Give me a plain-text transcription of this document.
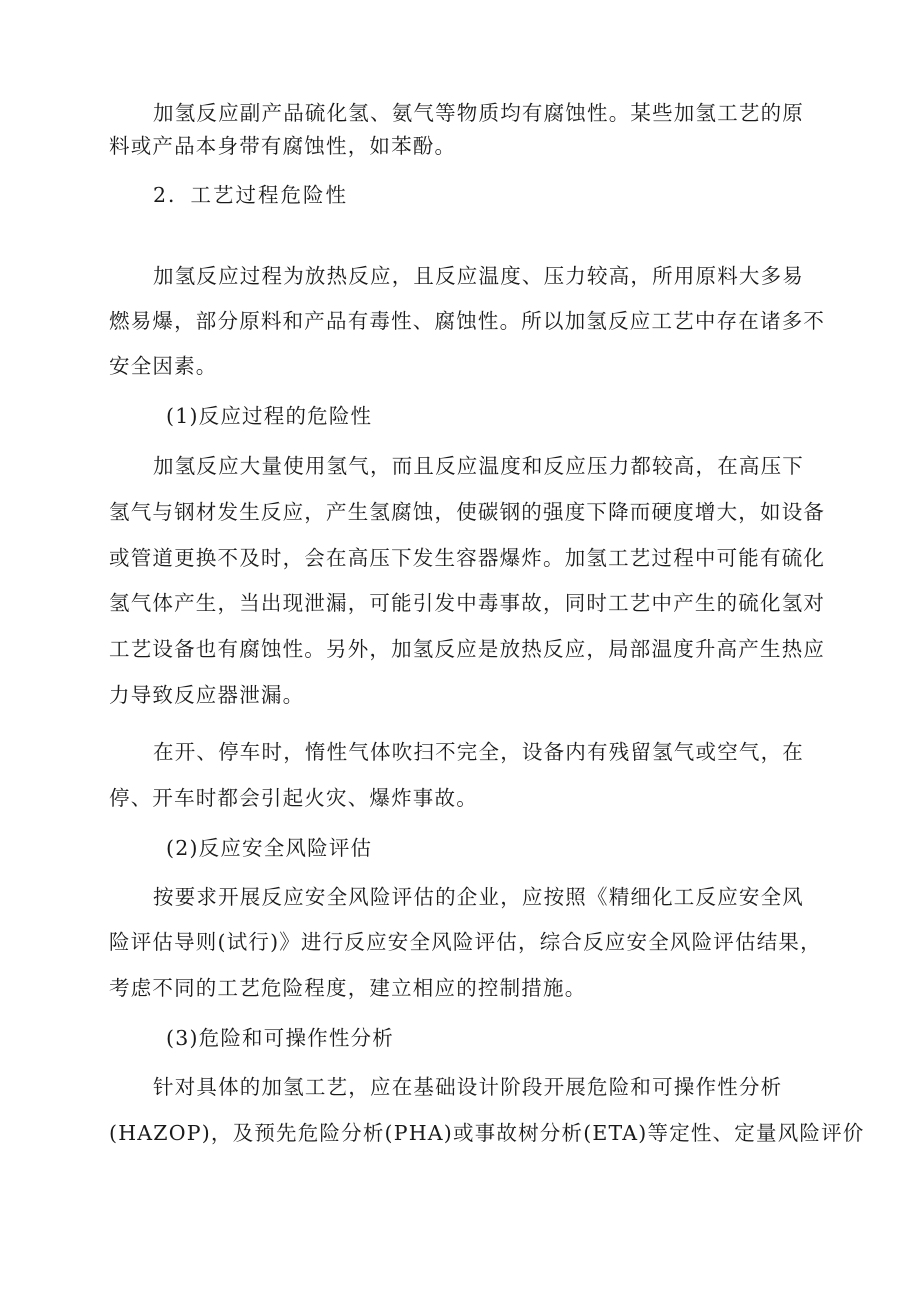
加氢反应副产品硫化氢、氨气等物质均有腐蚀性。某些加氢工艺的原
料或产品本身带有腐蚀性，如苯酚。
2．工艺过程危险性
加氢反应过程为放热反应，且反应温度、压力较高，所用原料大多易
燃易爆，部分原料和产品有毒性、腐蚀性。所以加氢反应工艺中存在诸多不
安全因素。
(1)反应过程的危险性
加氢反应大量使用氢气，而且反应温度和反应压力都较高，在高压下
氢气与钢材发生反应，产生氢腐蚀，使碳钢的强度下降而硬度增大，如设备
或管道更换不及时，会在高压下发生容器爆炸。加氢工艺过程中可能有硫化
氢气体产生，当出现泄漏，可能引发中毒事故，同时工艺中产生的硫化氢对
工艺设备也有腐蚀性。另外，加氢反应是放热反应，局部温度升高产生热应
力导致反应器泄漏。
在开、停车时，惰性气体吹扫不完全，设备内有残留氢气或空气，在
停、开车时都会引起火灾、爆炸事故。
(2)反应安全风险评估
按要求开展反应安全风险评估的企业，应按照《精细化工反应安全风
险评估导则(试行)》进行反应安全风险评估，综合反应安全风险评估结果，
考虑不同的工艺危险程度，建立相应的控制措施。
(3)危险和可操作性分析
针对具体的加氢工艺，应在基础设计阶段开展危险和可操作性分析
(HAZOP)，及预先危险分析(PHA)或事故树分析(ETA)等定性、定量风险评价
